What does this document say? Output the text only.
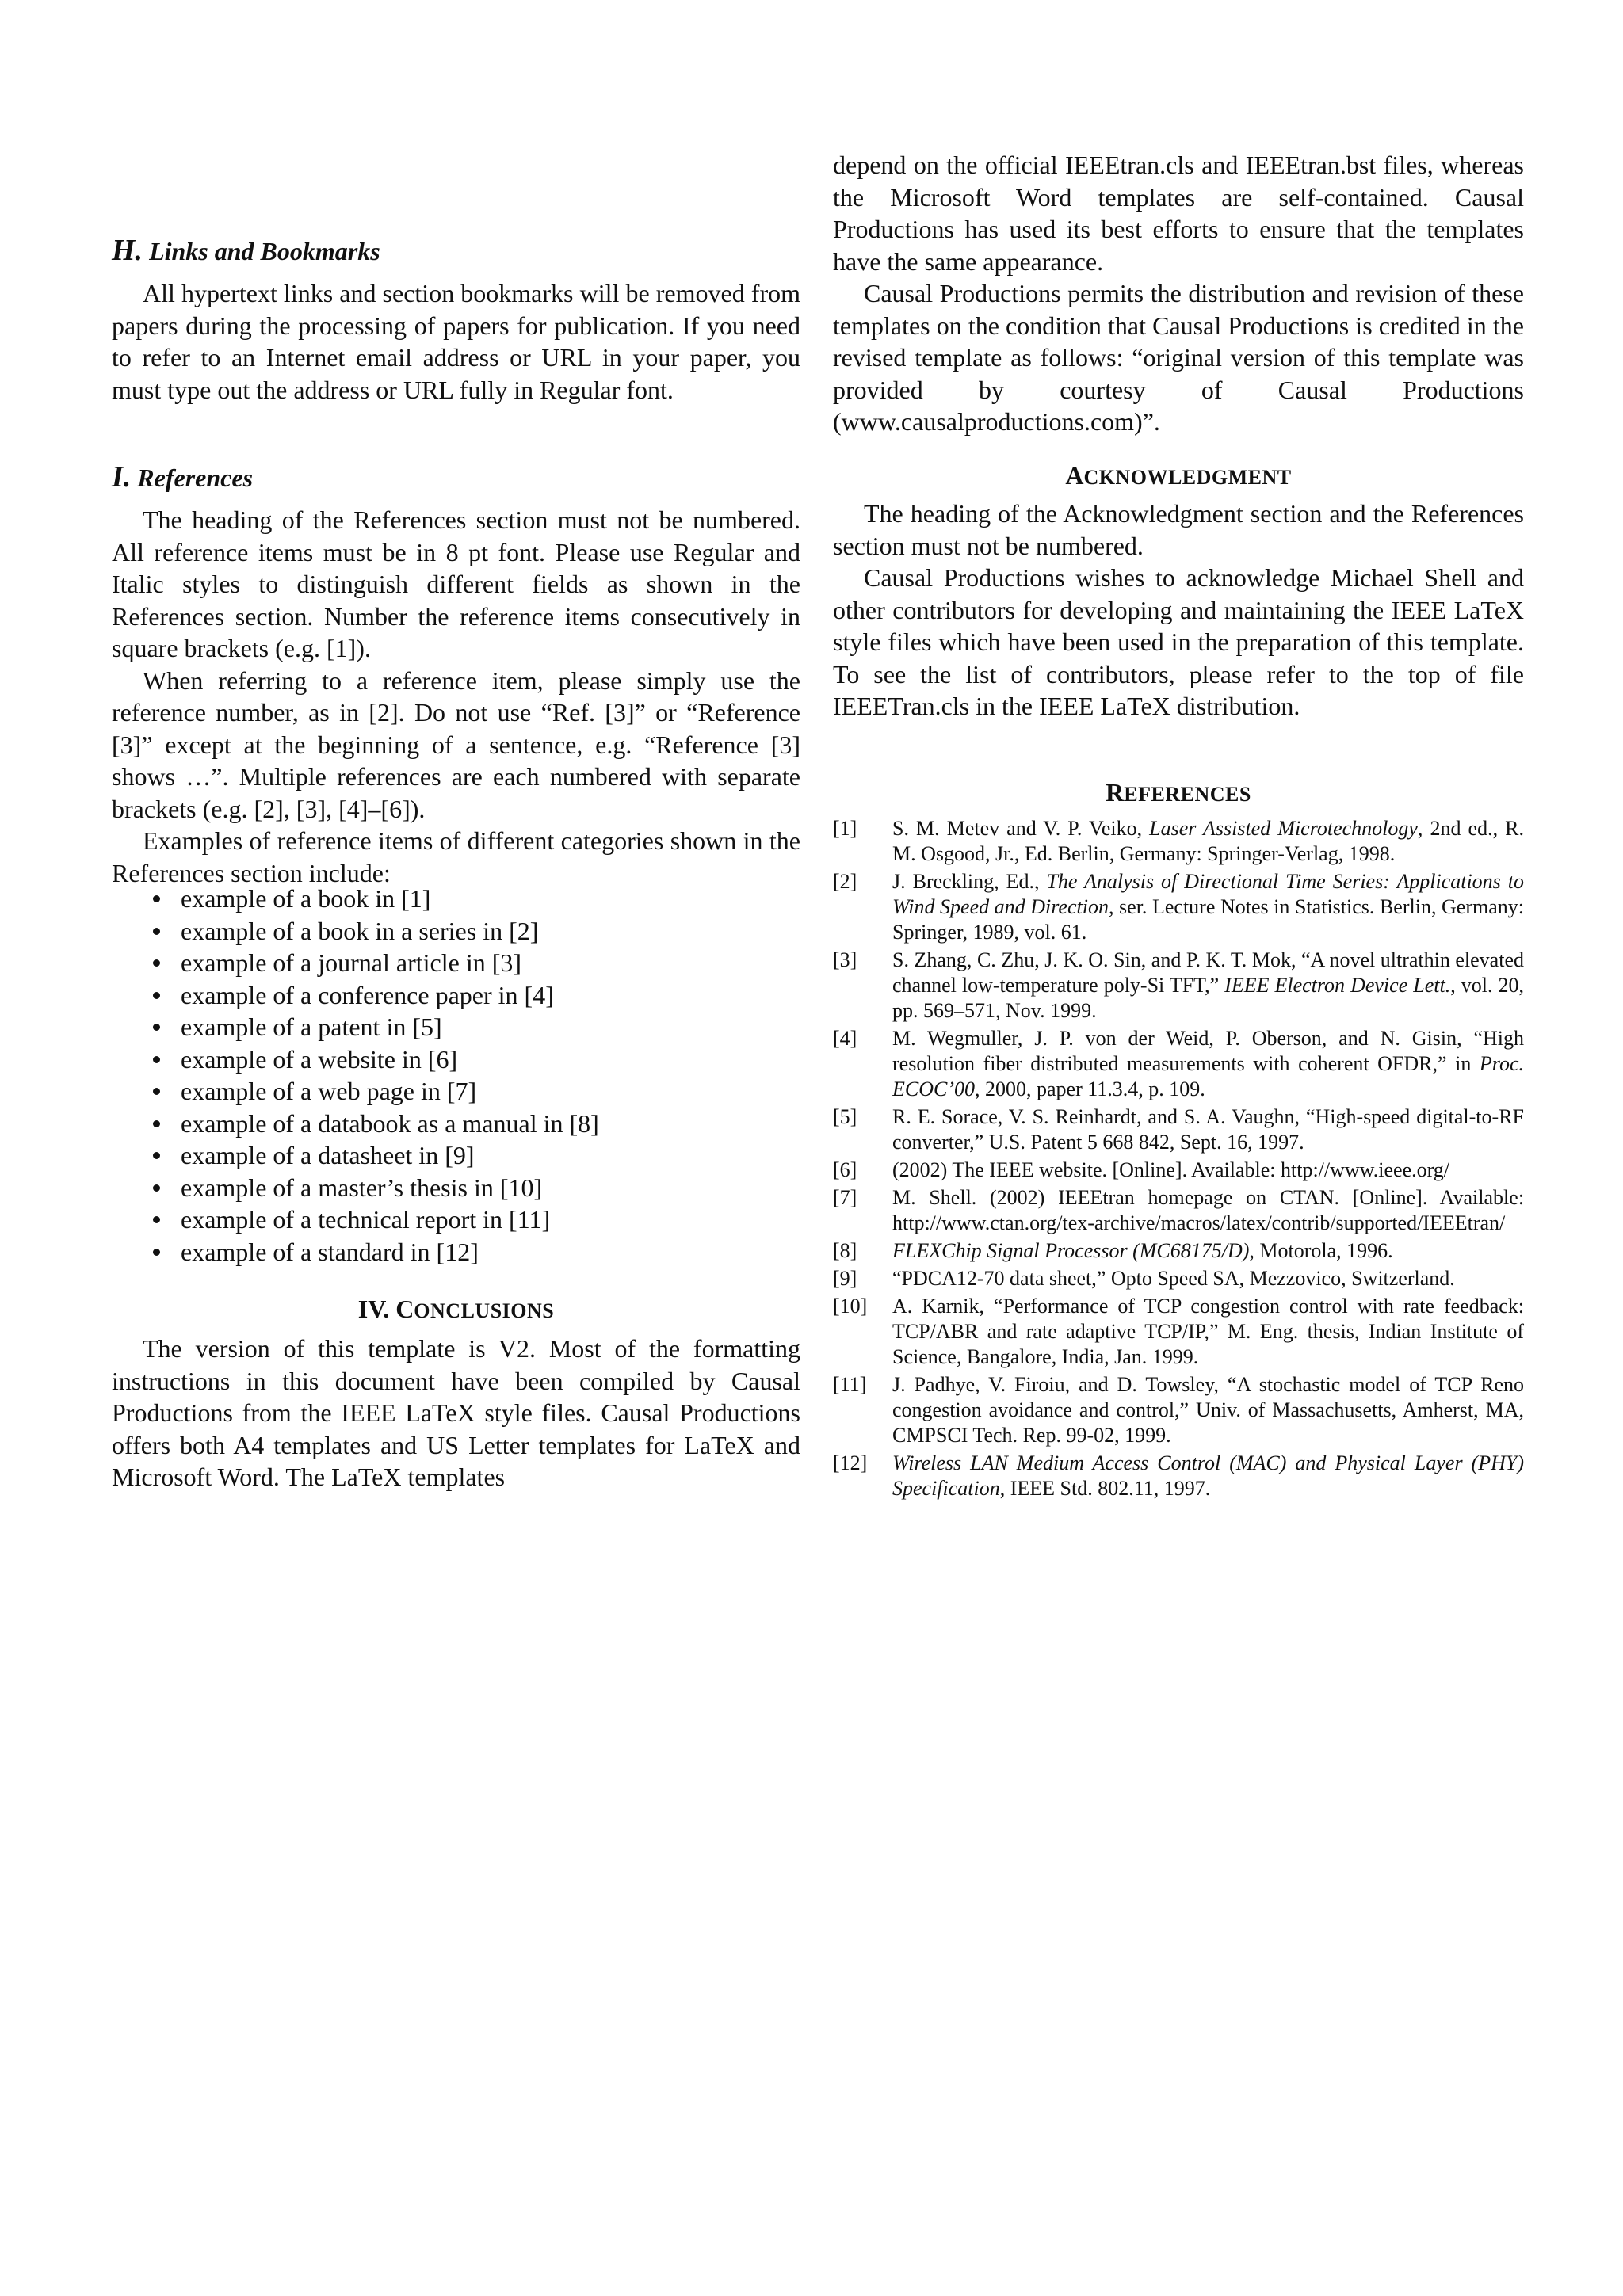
H. Links and Bookmarks

All hypertext links and section bookmarks will be removed from papers during the processing of papers for publication. If you need to refer to an Internet email address or URL in your paper, you must type out the address or URL fully in Regular font.

I. References

The heading of the References section must not be numbered. All reference items must be in 8 pt font. Please use Regular and Italic styles to distinguish different fields as shown in the References section. Number the reference items consecutively in square brackets (e.g. [1]).

When referring to a reference item, please simply use the reference number, as in [2]. Do not use “Ref. [3]” or “Reference [3]” except at the beginning of a sentence, e.g. “Reference [3] shows …”. Multiple references are each numbered with separate brackets (e.g. [2], [3], [4]–[6]).

Examples of reference items of different categories shown in the References section include:

example of a book in [1]
example of a book in a series in [2]
example of a journal article in [3]
example of a conference paper in [4]
example of a patent in [5]
example of a website in [6]
example of a web page in [7]
example of a databook as a manual in [8]
example of a datasheet in [9]
example of a master’s thesis in [10]
example of a technical report in [11]
example of a standard in [12]
IV. CONCLUSIONS

The version of this template is V2. Most of the formatting instructions in this document have been compiled by Causal Productions from the IEEE LaTeX style files. Causal Productions offers both A4 templates and US Letter templates for LaTeX and Microsoft Word. The LaTeX templates

depend on the official IEEEtran.cls and IEEEtran.bst files, whereas the Microsoft Word templates are self-contained. Causal Productions has used its best efforts to ensure that the templates have the same appearance.

Causal Productions permits the distribution and revision of these templates on the condition that Causal Productions is credited in the revised template as follows: “original version of this template was provided by courtesy of Causal Productions (www.causalproductions.com)”.

ACKNOWLEDGMENT

The heading of the Acknowledgment section and the References section must not be numbered.

Causal Productions wishes to acknowledge Michael Shell and other contributors for developing and maintaining the IEEE LaTeX style files which have been used in the preparation of this template. To see the list of contributors, please refer to the top of file IEEETran.cls in the IEEE LaTeX distribution.

REFERENCES
[1] S. M. Metev and V. P. Veiko, Laser Assisted Microtechnology, 2nd ed., R. M. Osgood, Jr., Ed. Berlin, Germany: Springer-Verlag, 1998.
[2] J. Breckling, Ed., The Analysis of Directional Time Series: Applications to Wind Speed and Direction, ser. Lecture Notes in Statistics. Berlin, Germany: Springer, 1989, vol. 61.
[3] S. Zhang, C. Zhu, J. K. O. Sin, and P. K. T. Mok, “A novel ultrathin elevated channel low-temperature poly-Si TFT,” IEEE Electron Device Lett., vol. 20, pp. 569–571, Nov. 1999.
[4] M. Wegmuller, J. P. von der Weid, P. Oberson, and N. Gisin, “High resolution fiber distributed measurements with coherent OFDR,” in Proc. ECOC’00, 2000, paper 11.3.4, p. 109.
[5] R. E. Sorace, V. S. Reinhardt, and S. A. Vaughn, “High-speed digital-to-RF converter,” U.S. Patent 5 668 842, Sept. 16, 1997.
[6] (2002) The IEEE website. [Online]. Available: http://www.ieee.org/
[7] M. Shell. (2002) IEEEtran homepage on CTAN. [Online]. Available: http://www.ctan.org/tex-archive/macros/latex/contrib/supported/IEEEtran/
[8] FLEXChip Signal Processor (MC68175/D), Motorola, 1996.
[9] “PDCA12-70 data sheet,” Opto Speed SA, Mezzovico, Switzerland.
[10] A. Karnik, “Performance of TCP congestion control with rate feedback: TCP/ABR and rate adaptive TCP/IP,” M. Eng. thesis, Indian Institute of Science, Bangalore, India, Jan. 1999.
[11] J. Padhye, V. Firoiu, and D. Towsley, “A stochastic model of TCP Reno congestion avoidance and control,” Univ. of Massachusetts, Amherst, MA, CMPSCI Tech. Rep. 99-02, 1999.
[12] Wireless LAN Medium Access Control (MAC) and Physical Layer (PHY) Specification, IEEE Std. 802.11, 1997.
